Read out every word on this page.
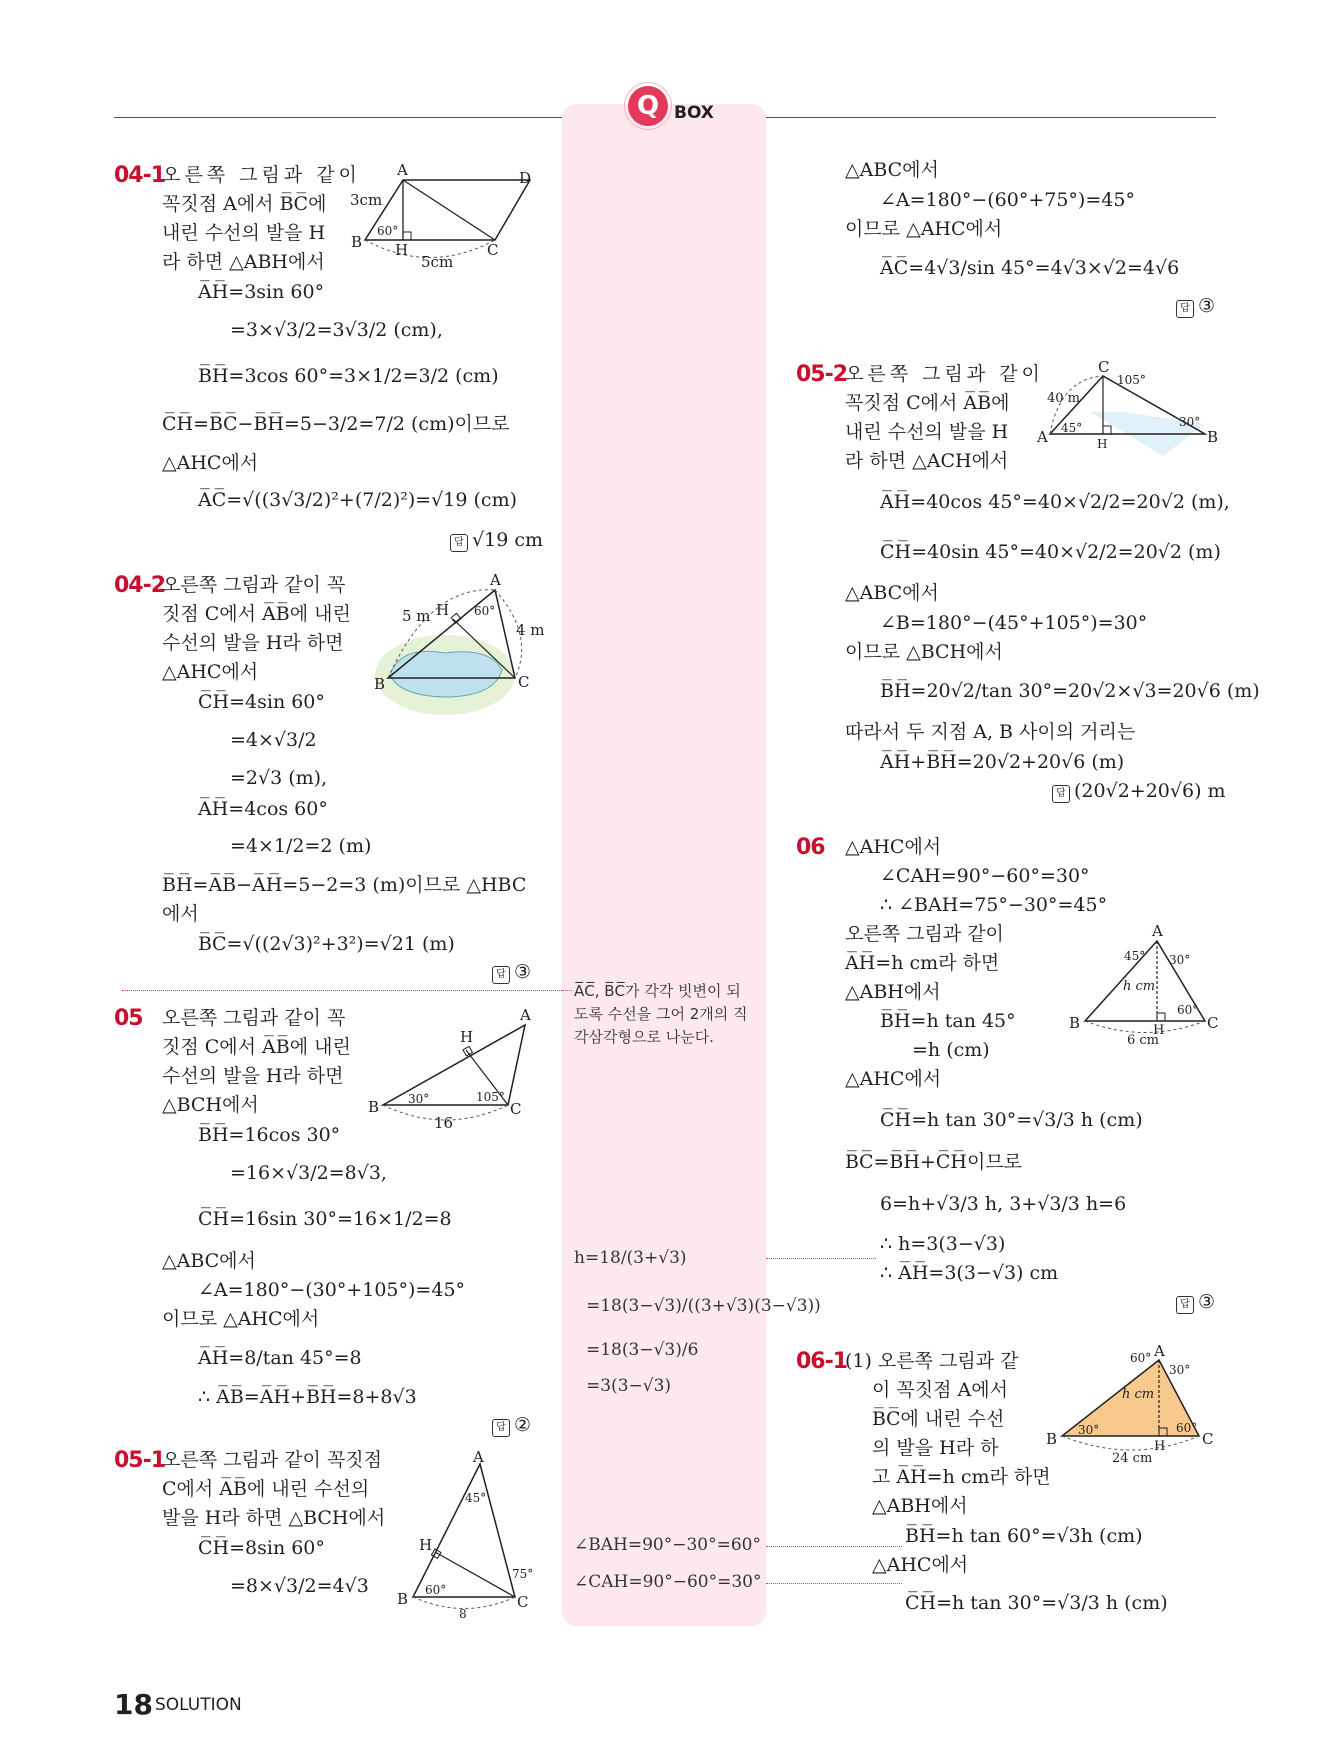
Q BOX
04-1
오른쪽 그림과 같이
꼭짓점 A에서 B̅C̅에
내린 수선의 발을 H
라 하면 △ABH에서
A̅H̅=3sin 60°
=3×√3/2=3√3/2 (cm),
B̅H̅=3cos 60°=3×1/2=3/2 (cm)
C̅H̅=B̅C̅−B̅H̅=5−3/2=7/2 (cm)이므로
△AHC에서
A̅C̅=√((3√3/2)²+(7/2)²)=√19 (cm)
답 √19 cm
A	D
B	C
H
3cm
60°
5cm
04-2
오른쪽 그림과 같이 꼭
짓점 C에서 A̅B̅에 내린
수선의 발을 H라 하면
△AHC에서
C̅H̅=4sin 60°
=4×√3/2
=2√3 (m),
A̅H̅=4cos 60°
=4×1/2=2 (m)
B̅H̅=A̅B̅−A̅H̅=5−2=3 (m)이므로 △HBC
에서
B̅C̅=√((2√3)²+3²)=√21 (m)
답 ③
A
B	C
H
5 m
4 m
60°
05 오른쪽 그림과 같이 꼭
짓점 C에서 A̅B̅에 내린
수선의 발을 H라 하면
△BCH에서
B̅H̅=16cos 30°
=16×√3/2=8√3,
C̅H̅=16sin 30°=16×1/2=8
△ABC에서
∠A=180°−(30°+105°)=45°
이므로 △AHC에서
A̅H̅=8/tan 45°=8
∴ A̅B̅=A̅H̅+B̅H̅=8+8√3
답 ②
A
B	C
H
30°	105°
16
05-1
오른쪽 그림과 같이 꼭짓점
C에서 A̅B̅에 내린 수선의
발을 H라 하면 △BCH에서
C̅H̅=8sin 60°
=8×√3/2=4√3
A
B	C
H
45°
60°
75°
8
△ABC에서
∠A=180°−(60°+75°)=45°
이므로 △AHC에서
A̅C̅=4√3/sin 45°=4√3×√2=4√6
답 ③
05-2
오른쪽 그림과 같이
꼭짓점 C에서 A̅B̅에
내린 수선의 발을 H
라 하면 △ACH에서
A̅H̅=40cos 45°=40×√2/2=20√2 (m),
C̅H̅=40sin 45°=40×√2/2=20√2 (m)
△ABC에서
∠B=180°−(45°+105°)=30°
이므로 △BCH에서
B̅H̅=20√2/tan 30°=20√2×√3=20√6 (m)
따라서 두 지점 A, B 사이의 거리는
A̅H̅+B̅H̅=20√2+20√6 (m)
답 (20√2+20√6) m
C
A	B
H
40 m
45°
105°
30°
06 △AHC에서
∠CAH=90°−60°=30°
∴ ∠BAH=75°−30°=45°
오른쪽 그림과 같이
A̅H̅=h cm라 하면
△ABH에서
B̅H̅=h tan 45°
=h (cm)
△AHC에서
C̅H̅=h tan 30°=√3/3 h (cm)
B̅C̅=B̅H̅+C̅H̅이므로
6=h+√3/3 h, 3+√3/3 h=6
∴ h=3(3−√3)
∴ A̅H̅=3(3−√3) cm
답 ③
A
B	C
H
45° 30°
60°
h cm
6 cm
06-1
(1) 오른쪽 그림과 같
이 꼭짓점 A에서
B̅C̅에 내린 수선
의 발을 H라 하
고 A̅H̅=h cm라 하면
△ABH에서
B̅H̅=h tan 60°=√3h (cm)
△AHC에서
C̅H̅=h tan 30°=√3/3 h (cm)
A
B	C
H
60°
30°
30°	60°
h cm
24 cm
A̅C̅, B̅C̅가 각각 빗변이 되
도록 수선을 그어 2개의 직
각삼각형으로 나눈다.
h=18/(3+√3)
=18(3−√3)/((3+√3)(3−√3))
=18(3−√3)/6
=3(3−√3)
∠BAH=90°−30°=60°
∠CAH=90°−60°=30°
18 SOLUTION
